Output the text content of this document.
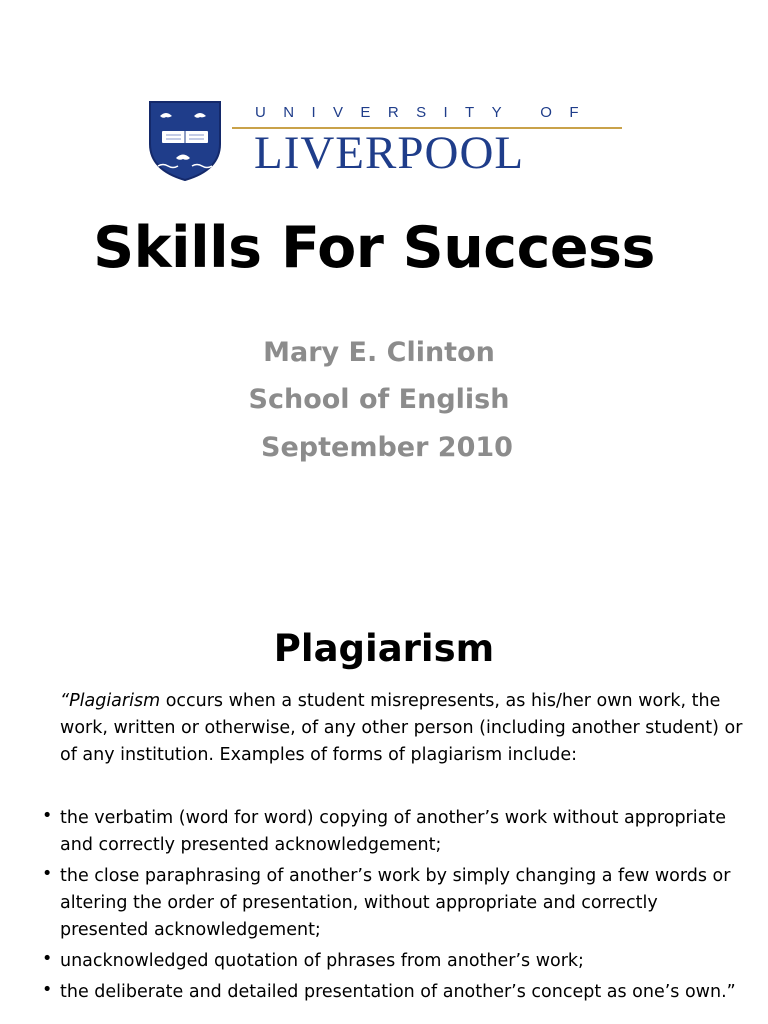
UNIVERSITY OF
LIVERPOOL
Skills For Success
Mary E. Clinton
School of English
September 2010
Plagiarism
“Plagiarism occurs when a student misrepresents, as his/her own work, the work, written or otherwise, of any other person (including another student) or of any institution. Examples of forms of plagiarism include:
• the verbatim (word for word) copying of another’s work without appropriate and correctly presented acknowledgement;
• the close paraphrasing of another’s work by simply changing a few words or altering the order of presentation, without appropriate and correctly presented acknowledgement;
• unacknowledged quotation of phrases from another’s work;
• the deliberate and detailed presentation of another’s concept as one’s own.”
